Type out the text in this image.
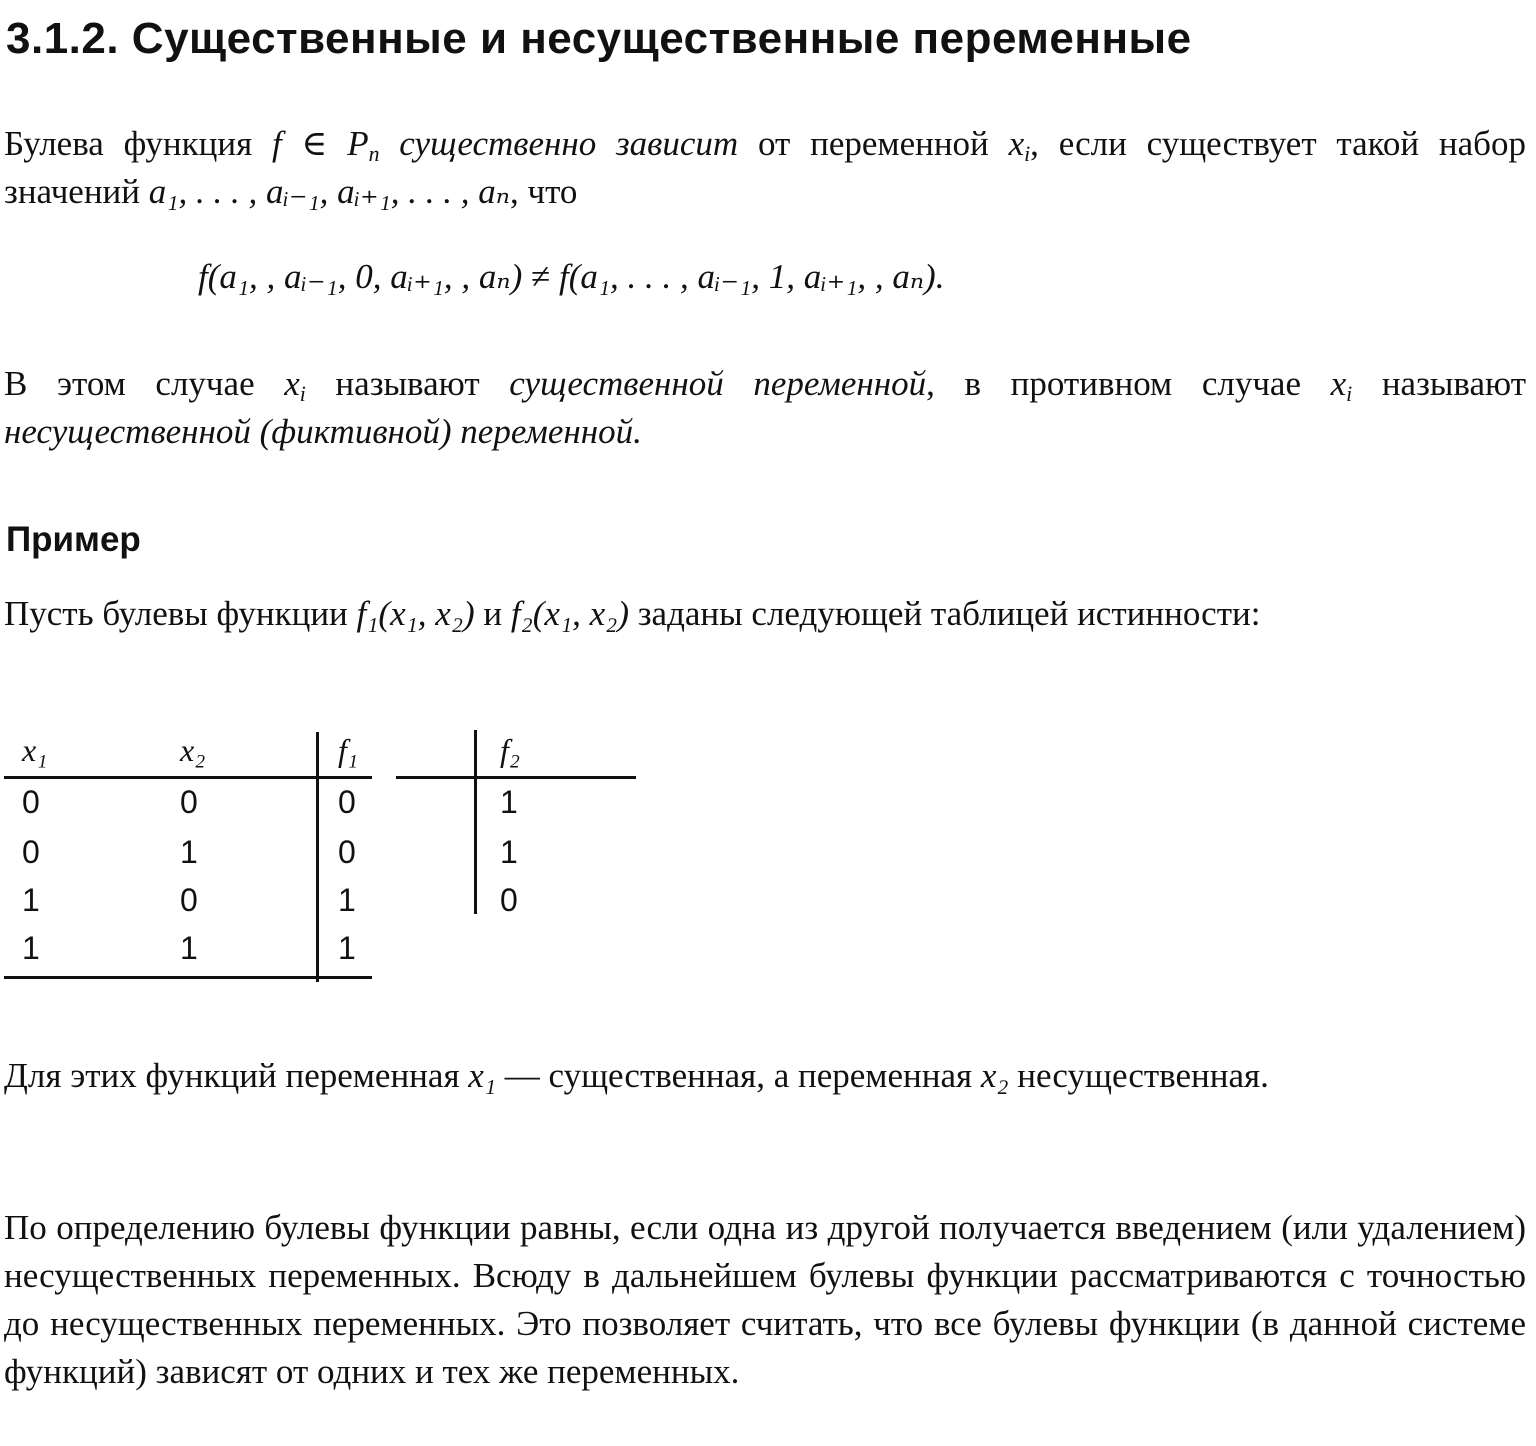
3.1.2. Существенные и несущественные переменные

Булева функция f ∈ $P_n$ существенно зависит от переменной $x_i$, если существует такой набор значений a₁, . . . , aᵢ₋₁, aᵢ₊₁, . . . , aₙ, что

f(a₁, , aᵢ₋₁, 0, aᵢ₊₁, , aₙ) ≠ f(a₁, . . . , aᵢ₋₁, 1, aᵢ₊₁, , aₙ).

В этом случае $x_i$ называют существенной переменной, в противном случае $x_i$ называют несущественной (фиктивной) переменной.

Пример

Пусть булевы функции f₁(x₁, x₂) и f₂(x₁, x₂) заданы следующей таблицей истинности:

x₁	x₂	f₁	f₂
0	0	0	1
0	1	0	1
1	0	1	0
1	1	1

Для этих функций переменная x₁ — существенная, а переменная x₂ несущественная.

По определению булевы функции равны, если одна из другой получается введением (или удалением) несущественных переменных. Всюду в дальнейшем булевы функции рассматриваются с точностью до несущественных переменных. Это позволяет считать, что все булевы функции (в данной системе функций) зависят от одних и тех же переменных.
